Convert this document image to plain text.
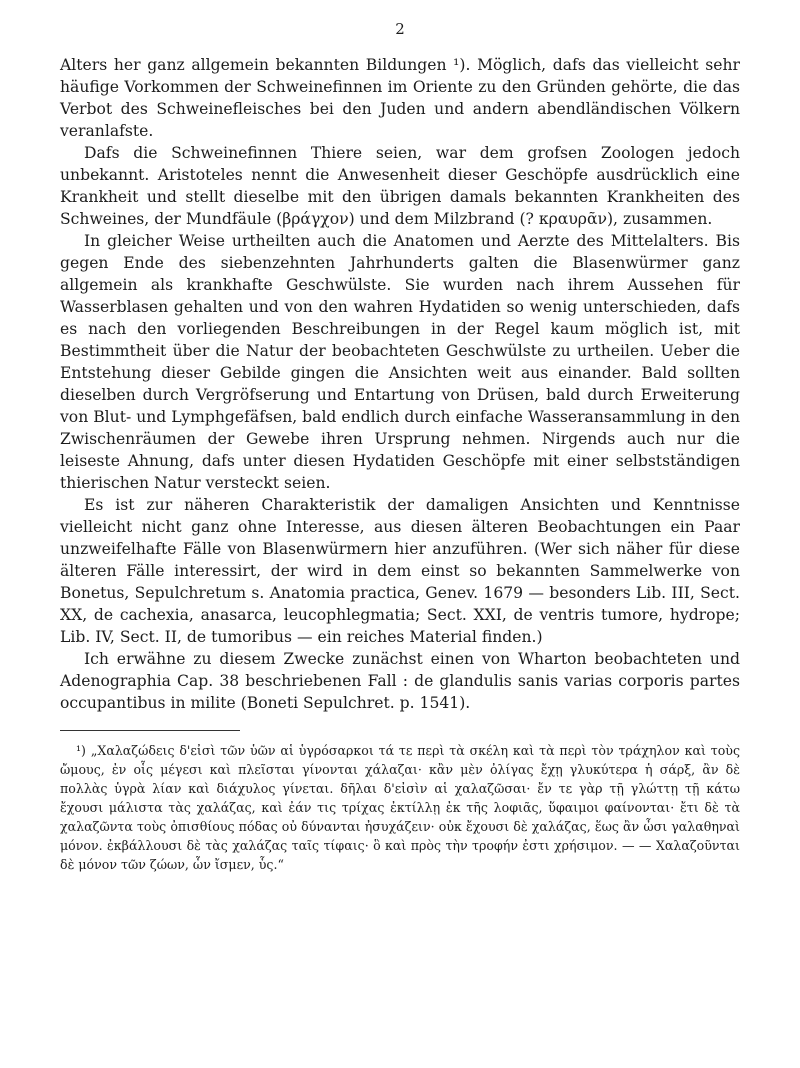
2

Alters her ganz allgemein bekannten Bildungen ¹). Möglich, dafs das vielleicht sehr häufige Vorkommen der Schweinefinnen im Oriente zu den Gründen gehörte, die das Verbot des Schweinefleisches bei den Juden und andern abendländischen Völkern veranlafste.

Dafs die Schweinefinnen Thiere seien, war dem grofsen Zoologen jedoch unbekannt. Aristoteles nennt die Anwesenheit dieser Geschöpfe ausdrücklich eine Krankheit und stellt dieselbe mit den übrigen damals bekannten Krankheiten des Schweines, der Mundfäule (βράγχον) und dem Milzbrand (? κραυρᾶν), zusammen.

In gleicher Weise urtheilten auch die Anatomen und Aerzte des Mittelalters. Bis gegen Ende des siebenzehnten Jahrhunderts galten die Blasenwürmer ganz allgemein als krankhafte Geschwülste. Sie wurden nach ihrem Aussehen für Wasserblasen gehalten und von den wahren Hydatiden so wenig unterschieden, dafs es nach den vorliegenden Beschreibungen in der Regel kaum möglich ist, mit Bestimmtheit über die Natur der beobachteten Geschwülste zu urtheilen. Ueber die Entstehung dieser Gebilde gingen die Ansichten weit aus einander. Bald sollten dieselben durch Vergröfserung und Entartung von Drüsen, bald durch Erweiterung von Blut- und Lymphgefäfsen, bald endlich durch einfache Wasseransammlung in den Zwischenräumen der Gewebe ihren Ursprung nehmen. Nirgends auch nur die leiseste Ahnung, dafs unter diesen Hydatiden Geschöpfe mit einer selbstständigen thierischen Natur versteckt seien.

Es ist zur näheren Charakteristik der damaligen Ansichten und Kenntnisse vielleicht nicht ganz ohne Interesse, aus diesen älteren Beobachtungen ein Paar unzweifelhafte Fälle von Blasenwürmern hier anzuführen. (Wer sich näher für diese älteren Fälle interessirt, der wird in dem einst so bekannten Sammelwerke von Bonetus, Sepulchretum s. Anatomia practica, Genev. 1679 — besonders Lib. III, Sect. XX, de cachexia, anasarca, leucophlegmatia; Sect. XXI, de ventris tumore, hydrope; Lib. IV, Sect. II, de tumoribus — ein reiches Material finden.)

Ich erwähne zu diesem Zwecke zunächst einen von Wharton beobachteten und Adenographia Cap. 38 beschriebenen Fall : de glandulis sanis varias corporis partes occupantibus in milite (Boneti Sepulchret. p. 1541).

¹) „Χαλαζώδεις δ'εἰσὶ τῶν ὑῶν αἱ ὑγρόσαρκοι τά τε περὶ τὰ σκέλη καὶ τὰ περὶ τὸν τράχηλον καὶ τοὺς ὤμους, ἐν οἷς μέγεσι καὶ πλεῖσται γίνονται χάλαζαι· κἂν μὲν ὀλίγας ἔχῃ γλυκύτερα ἡ σάρξ, ἂν δὲ πολλὰς ὑγρὰ λίαν καὶ διάχυλος γίνεται. δῆλαι δ'εἰσὶν αἱ χαλαζῶσαι· ἔν τε γὰρ τῇ γλώττῃ τῇ κάτω ἔχουσι μάλιστα τὰς χαλάζας, καὶ ἐάν τις τρίχας ἐκτίλλῃ ἐκ τῆς λοφιᾶς, ὕφαιμοι φαίνονται· ἔτι δὲ τὰ χαλαζῶντα τοὺς ὀπισθίους πόδας οὐ δύνανται ἠσυχάζειν· οὐκ ἔχουσι δὲ χαλάζας, ἕως ἂν ὦσι γαλαθηναὶ μόνον. ἐκβάλλουσι δὲ τὰς χαλάζας ταῖς τίφαις· ὃ καὶ πρὸς τὴν τροφήν ἐστι χρήσιμον. — — Χαλαζοῦνται δὲ μόνον τῶν ζώων, ὧν ἴσμεν, ὗς.“
